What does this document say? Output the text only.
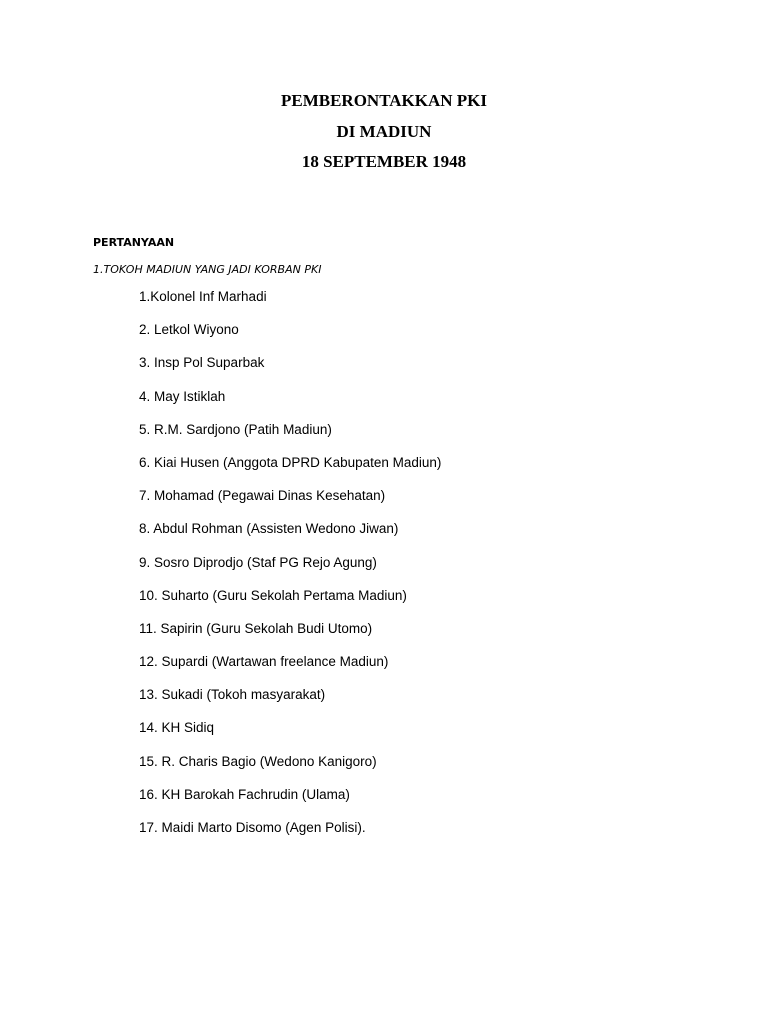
PEMBERONTAKKAN PKI
DI MADIUN
18 SEPTEMBER 1948
PERTANYAAN
1.TOKOH MADIUN YANG JADI KORBAN PKI
1.Kolonel Inf Marhadi
2. Letkol Wiyono
3. Insp Pol Suparbak
4. May Istiklah
5. R.M. Sardjono (Patih Madiun)
6. Kiai Husen (Anggota DPRD Kabupaten Madiun)
7. Mohamad (Pegawai Dinas Kesehatan)
8. Abdul Rohman (Assisten Wedono Jiwan)
9. Sosro Diprodjo (Staf PG Rejo Agung)
10. Suharto (Guru Sekolah Pertama Madiun)
11. Sapirin (Guru Sekolah Budi Utomo)
12. Supardi (Wartawan freelance Madiun)
13. Sukadi (Tokoh masyarakat)
14. KH Sidiq
15. R. Charis Bagio (Wedono Kanigoro)
16. KH Barokah Fachrudin (Ulama)
17. Maidi Marto Disomo (Agen Polisi).
